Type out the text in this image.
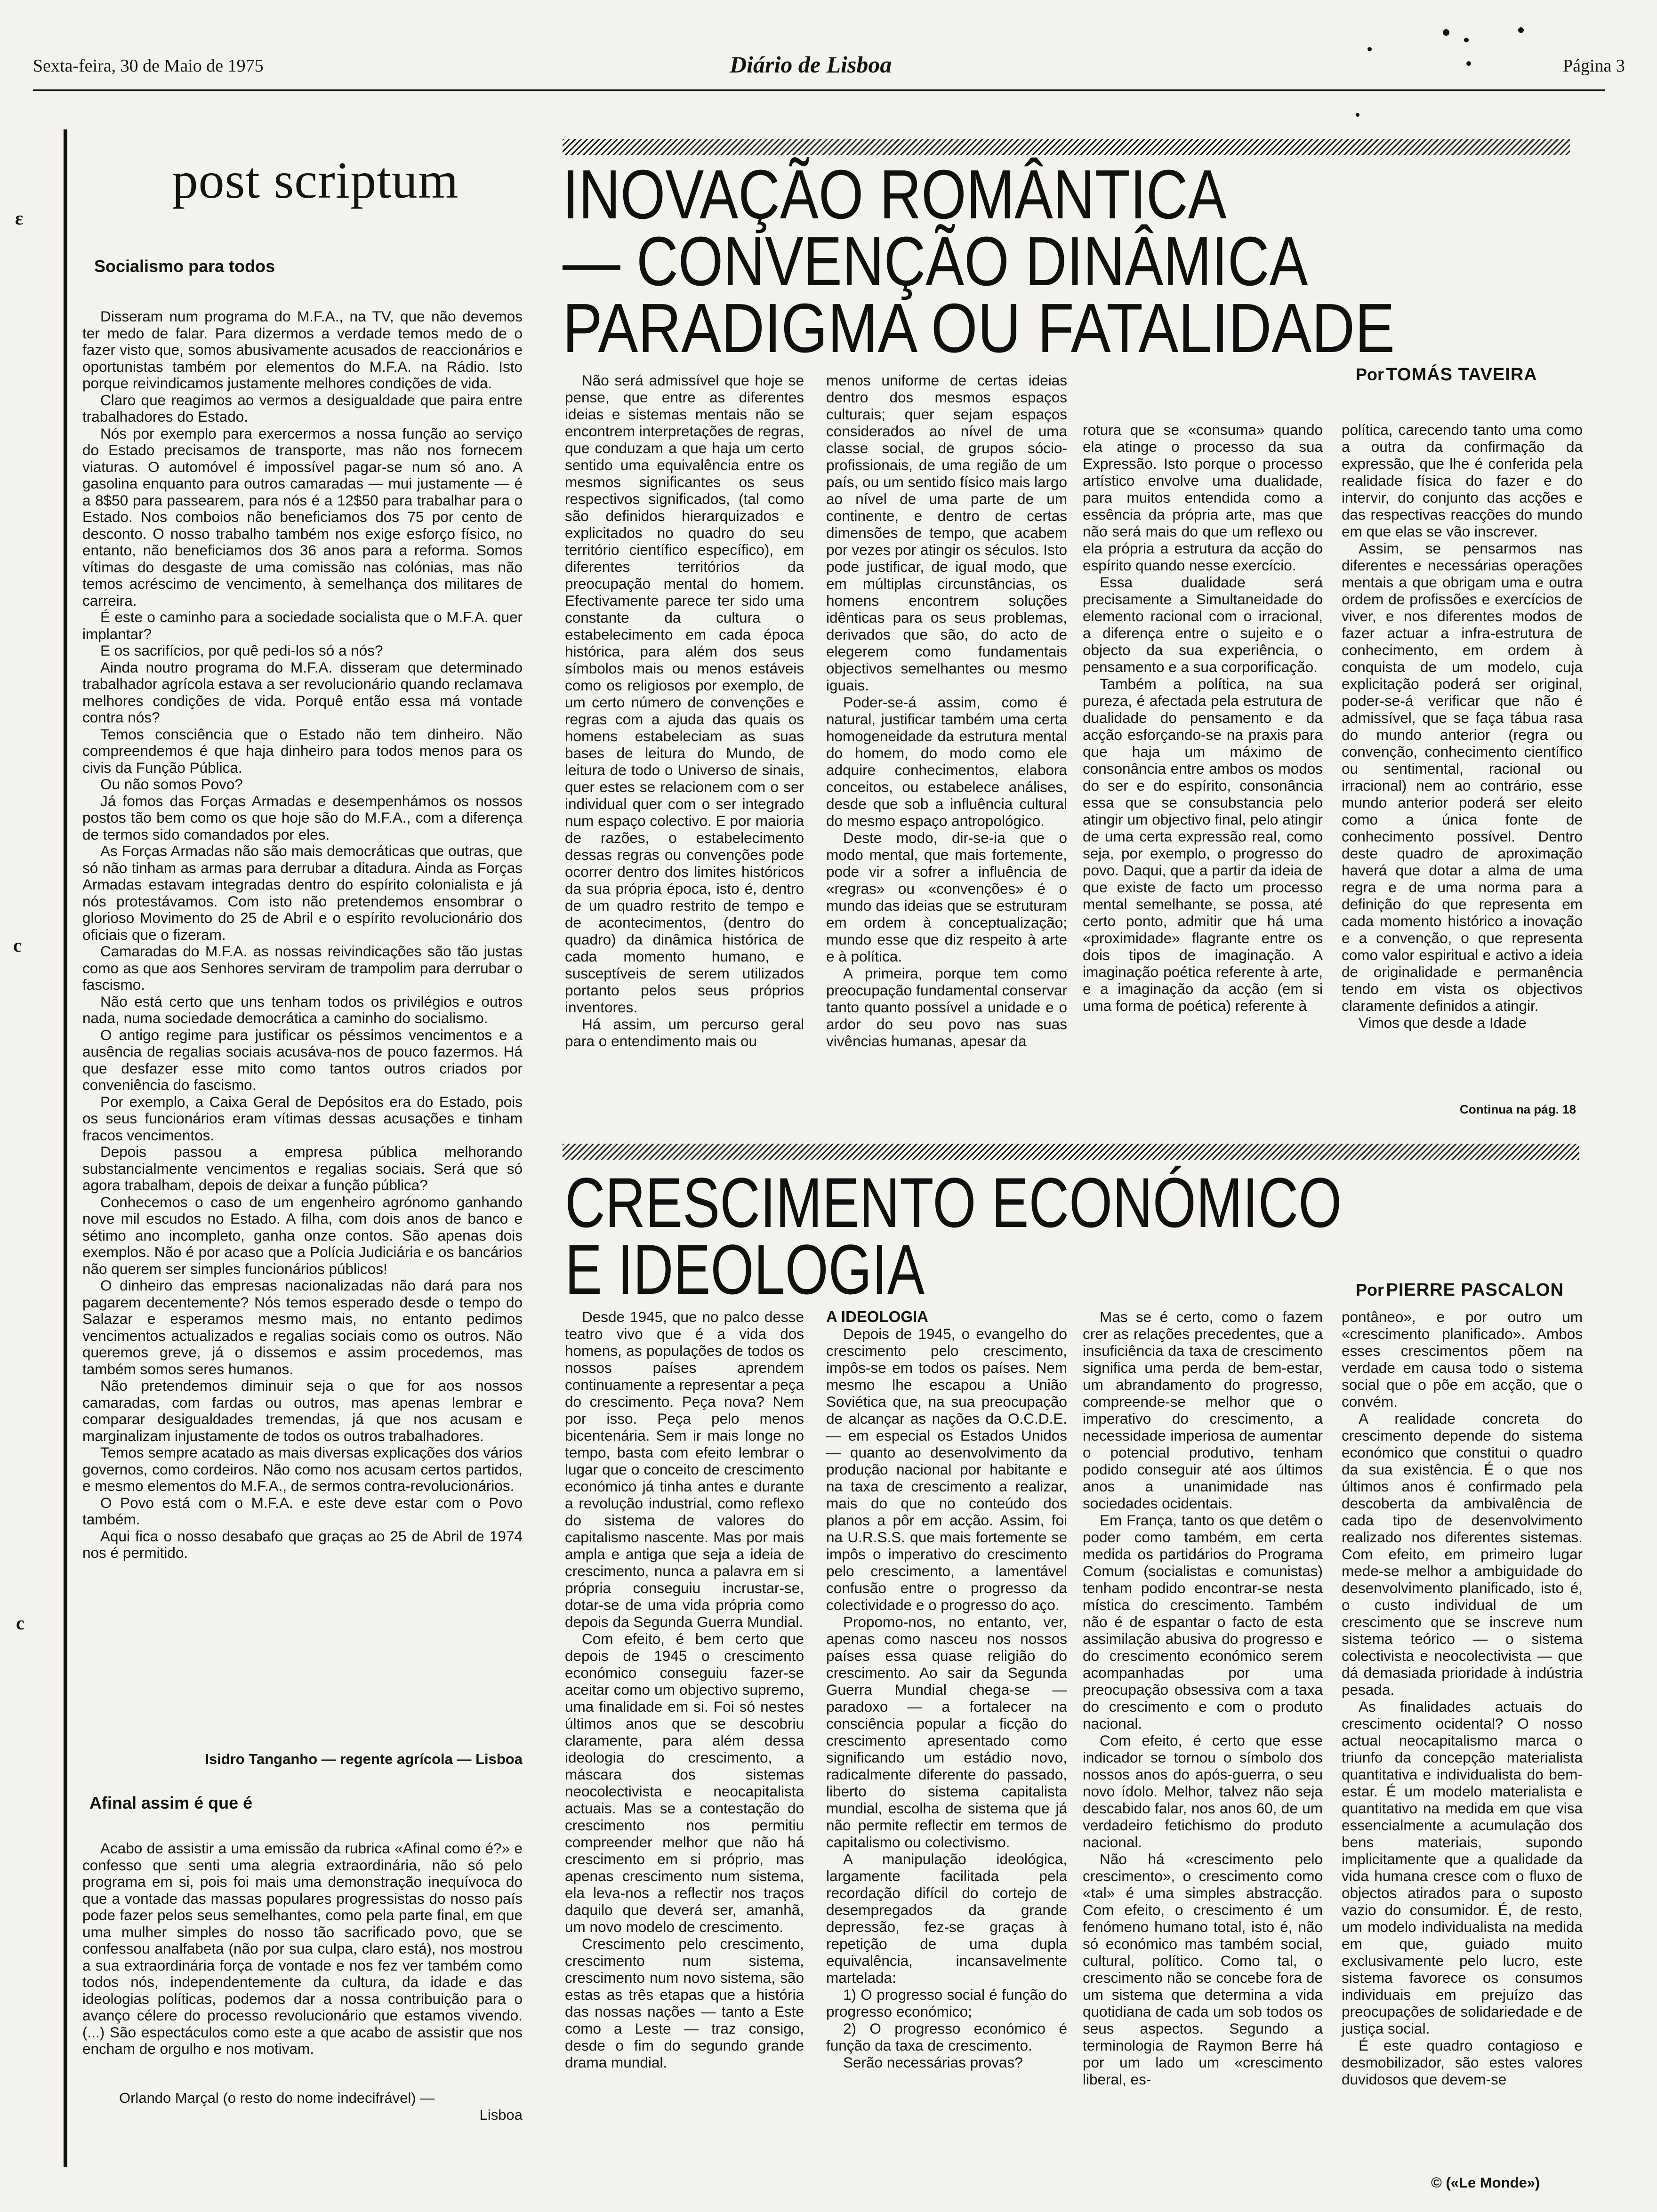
Sexta-feira, 30 de Maio de 1975	Diário de Lisboa	Página 3
ε
c
c
post scriptum
Socialismo para todos

Disseram num programa do M.F.A., na TV, que não devemos ter medo de falar. Para dizermos a verdade temos medo de o fazer visto que, somos abusivamente acusados de reaccionários e oportunistas também por elementos do M.F.A. na Rádio. Isto porque reivindicamos justamente melhores condições de vida.

Claro que reagimos ao vermos a desigualdade que paira entre trabalhadores do Estado.

Nós por exemplo para exercermos a nossa função ao serviço do Estado precisamos de transporte, mas não nos fornecem viaturas. O automóvel é impossível pagar-se num só ano. A gasolina enquanto para outros camaradas — mui justamente — é a 8$50 para passearem, para nós é a 12$50 para trabalhar para o Estado. Nos comboios não beneficiamos dos 75 por cento de desconto. O nosso trabalho também nos exige esforço físico, no entanto, não beneficiamos dos 36 anos para a reforma. Somos vítimas do desgaste de uma comissão nas colónias, mas não temos acréscimo de vencimento, à semelhança dos militares de carreira.

É este o caminho para a sociedade socialista que o M.F.A. quer implantar?

E os sacrifícios, por quê pedi-los só a nós?

Ainda noutro programa do M.F.A. disseram que determinado trabalhador agrícola estava a ser revolucionário quando reclamava melhores condições de vida. Porquê então essa má vontade contra nós?

Temos consciência que o Estado não tem dinheiro. Não compreendemos é que haja dinheiro para todos menos para os civis da Função Pública.

Ou não somos Povo?

Já fomos das Forças Armadas e desempenhámos os nossos postos tão bem como os que hoje são do M.F.A., com a diferença de termos sido comandados por eles.

As Forças Armadas não são mais democráticas que outras, que só não tinham as armas para derrubar a ditadura. Ainda as Forças Armadas estavam integradas dentro do espírito colonialista e já nós protestávamos. Com isto não pretendemos ensombrar o glorioso Movimento do 25 de Abril e o espírito revolucionário dos oficiais que o fizeram.

Camaradas do M.F.A. as nossas reivindicações são tão justas como as que aos Senhores serviram de trampolim para derrubar o fascismo.

Não está certo que uns tenham todos os privilégios e outros nada, numa sociedade democrática a caminho do socialismo.

O antigo regime para justificar os péssimos vencimentos e a ausência de regalias sociais acusáva-nos de pouco fazermos. Há que desfazer esse mito como tantos outros criados por conveniência do fascismo.

Por exemplo, a Caixa Geral de Depósitos era do Estado, pois os seus funcionários eram vítimas dessas acusações e tinham fracos vencimentos.

Depois passou a empresa pública melhorando substancialmente vencimentos e regalias sociais. Será que só agora trabalham, depois de deixar a função pública?

Conhecemos o caso de um engenheiro agrónomo ganhando nove mil escudos no Estado. A filha, com dois anos de banco e sétimo ano incompleto, ganha onze contos. São apenas dois exemplos. Não é por acaso que a Polícia Judiciária e os bancários não querem ser simples funcionários públicos!

O dinheiro das empresas nacionalizadas não dará para nos pagarem decentemente? Nós temos esperado desde o tempo do Salazar e esperamos mesmo mais, no entanto pedimos vencimentos actualizados e regalias sociais como os outros. Não queremos greve, já o dissemos e assim procedemos, mas também somos seres humanos.

Não pretendemos diminuir seja o que for aos nossos camaradas, com fardas ou outros, mas apenas lembrar e comparar desigualdades tremendas, já que nos acusam e marginalizam injustamente de todos os outros trabalhadores.

Temos sempre acatado as mais diversas explicações dos vários governos, como cordeiros. Não como nos acusam certos partidos, e mesmo elementos do M.F.A., de sermos contra-revolucionários.

O Povo está com o M.F.A. e este deve estar com o Povo também.

Aqui fica o nosso desabafo que graças ao 25 de Abril de 1974 nos é permitido.

Isidro Tanganho — regente agrícola — Lisboa
Afinal assim é que é

Acabo de assistir a uma emissão da rubrica «Afinal como é?» e confesso que senti uma alegria extraordinária, não só pelo programa em si, pois foi mais uma demonstração inequívoca do que a vontade das massas populares progressistas do nosso país pode fazer pelos seus semelhantes, como pela parte final, em que uma mulher simples do nosso tão sacrificado povo, que se confessou analfabeta (não por sua culpa, claro está), nos mostrou a sua extraordinária força de vontade e nos fez ver também como todos nós, independentemente da cultura, da idade e das ideologias políticas, podemos dar a nossa contribuição para o avanço célere do processo revolucionário que estamos vivendo. (...) São espectáculos como este a que acabo de assistir que nos encham de orgulho e nos motivam.

Orlando Marçal (o resto do nome indecifrável) —
Lisboa
INOVAÇÃO ROMÂNTICA
— CONVENÇÃO DINÂMICA
PARADIGMA OU FATALIDADE
Por TOMÁS TAVEIRA

Não será admissível que hoje se pense, que entre as diferentes ideias e sistemas mentais não se encontrem interpretações de regras, que conduzam a que haja um certo sentido uma equivalência entre os mesmos significantes os seus respectivos significados, (tal como são definidos hierarquizados e explicitados no quadro do seu território científico específico), em diferentes territórios da preocupação mental do homem. Efectivamente parece ter sido uma constante da cultura o estabelecimento em cada época histórica, para além dos seus símbolos mais ou menos estáveis como os religiosos por exemplo, de um certo número de convenções e regras com a ajuda das quais os homens estabeleciam as suas bases de leitura do Mundo, de leitura de todo o Universo de sinais, quer estes se relacionem com o ser individual quer com o ser integrado num espaço colectivo. E por maioria de razões, o estabelecimento dessas regras ou convenções pode ocorrer dentro dos limites históricos da sua própria época, isto é, dentro de um quadro restrito de tempo e de acontecimentos, (dentro do quadro) da dinâmica histórica de cada momento humano, e susceptíveis de serem utilizados portanto pelos seus próprios inventores.

Há assim, um percurso geral para o entendimento mais ou

menos uniforme de certas ideias dentro dos mesmos espaços culturais; quer sejam espaços considerados ao nível de uma classe social, de grupos sócio-profissionais, de uma região de um país, ou um sentido físico mais largo ao nível de uma parte de um continente, e dentro de certas dimensões de tempo, que acabem por vezes por atingir os séculos. Isto pode justificar, de igual modo, que em múltiplas circunstâncias, os homens encontrem soluções idênticas para os seus problemas, derivados que são, do acto de elegerem como fundamentais objectivos semelhantes ou mesmo iguais.

Poder-se-á assim, como é natural, justificar também uma certa homogeneidade da estrutura mental do homem, do modo como ele adquire conhecimentos, elabora conceitos, ou estabelece análises, desde que sob a influência cultural do mesmo espaço antropológico.

Deste modo, dir-se-ia que o modo mental, que mais fortemente, pode vir a sofrer a influência de «regras» ou «convenções» é o mundo das ideias que se estruturam em ordem à conceptualização; mundo esse que diz respeito à arte e à política.

A primeira, porque tem como preocupação fundamental conservar tanto quanto possível a unidade e o ardor do seu povo nas suas vivências humanas, apesar da

rotura que se «consuma» quando ela atinge o processo da sua Expressão. Isto porque o processo artístico envolve uma dualidade, para muitos entendida como a essência da própria arte, mas que não será mais do que um reflexo ou ela própria a estrutura da acção do espírito quando nesse exercício.

Essa dualidade será precisamente a Simultaneidade do elemento racional com o irracional, a diferença entre o sujeito e o objecto da sua experiência, o pensamento e a sua corporificação.

Também a política, na sua pureza, é afectada pela estrutura de dualidade do pensamento e da acção esforçando-se na praxis para que haja um máximo de consonância entre ambos os modos do ser e do espírito, consonância essa que se consubstancia pelo atingir um objectivo final, pelo atingir de uma certa expressão real, como seja, por exemplo, o progresso do povo. Daqui, que a partir da ideia de que existe de facto um processo mental semelhante, se possa, até certo ponto, admitir que há uma «proximidade» flagrante entre os dois tipos de imaginação. A imaginação poética referente à arte, e a imaginação da acção (em si uma forma de poética) referente à

política, carecendo tanto uma como a outra da confirmação da expressão, que lhe é conferida pela realidade física do fazer e do intervir, do conjunto das acções e das respectivas reacções do mundo em que elas se vão inscrever.

Assim, se pensarmos nas diferentes e necessárias operações mentais a que obrigam uma e outra ordem de profissões e exercícios de viver, e nos diferentes modos de fazer actuar a infra-estrutura de conhecimento, em ordem à conquista de um modelo, cuja explicitação poderá ser original, poder-se-á verificar que não é admissível, que se faça tábua rasa do mundo anterior (regra ou convenção, conhecimento científico ou sentimental, racional ou irracional) nem ao contrário, esse mundo anterior poderá ser eleito como a única fonte de conhecimento possível. Dentro deste quadro de aproximação haverá que dotar a alma de uma regra e de uma norma para a definição do que representa em cada momento histórico a inovação e a convenção, o que representa como valor espiritual e activo a ideia de originalidade e permanência tendo em vista os objectivos claramente definidos a atingir.

Vimos que desde a Idade

Continua na pág. 18
CRESCIMENTO ECONÓMICO
E IDEOLOGIA	Por PIERRE PASCALON

Desde 1945, que no palco desse teatro vivo que é a vida dos homens, as populações de todos os nossos países aprendem continuamente a representar a peça do crescimento. Peça nova? Nem por isso. Peça pelo menos bicentenária. Sem ir mais longe no tempo, basta com efeito lembrar o lugar que o conceito de crescimento económico já tinha antes e durante a revolução industrial, como reflexo do sistema de valores do capitalismo nascente. Mas por mais ampla e antiga que seja a ideia de crescimento, nunca a palavra em si própria conseguiu incrustar-se, dotar-se de uma vida própria como depois da Segunda Guerra Mundial.

Com efeito, é bem certo que depois de 1945 o crescimento económico conseguiu fazer-se aceitar como um objectivo supremo, uma finalidade em si. Foi só nestes últimos anos que se descobriu claramente, para além dessa ideologia do crescimento, a máscara dos sistemas neocolectivista e neocapitalista actuais. Mas se a contestação do crescimento nos permitiu compreender melhor que não há crescimento em si próprio, mas apenas crescimento num sistema, ela leva-nos a reflectir nos traços daquilo que deverá ser, amanhã, um novo modelo de crescimento.

Crescimento pelo crescimento, crescimento num sistema, crescimento num novo sistema, são estas as três etapas que a história das nossas nações — tanto a Este como a Leste — traz consigo, desde o fim do segundo grande drama mundial.

A IDEOLOGIA

Depois de 1945, o evangelho do crescimento pelo crescimento, impôs-se em todos os países. Nem mesmo lhe escapou a União Soviética que, na sua preocupação de alcançar as nações da O.C.D.E. — em especial os Estados Unidos — quanto ao desenvolvimento da produção nacional por habitante e na taxa de crescimento a realizar, mais do que no conteúdo dos planos a pôr em acção. Assim, foi na U.R.S.S. que mais fortemente se impôs o imperativo do crescimento pelo crescimento, a lamentável confusão entre o progresso da colectividade e o progresso do aço.

Propomo-nos, no entanto, ver, apenas como nasceu nos nossos países essa quase religião do crescimento. Ao sair da Segunda Guerra Mundial chega-se — paradoxo — a fortalecer na consciência popular a ficção do crescimento apresentado como significando um estádio novo, radicalmente diferente do passado, liberto do sistema capitalista mundial, escolha de sistema que já não permite reflectir em termos de capitalismo ou colectivismo.

A manipulação ideológica, largamente facilitada pela recordação difícil do cortejo de desempregados da grande depressão, fez-se graças à repetição de uma dupla equivalência, incansavelmente martelada:

1) O progresso social é função do progresso económico;

2) O progresso económico é função da taxa de crescimento.

Serão necessárias provas?

Mas se é certo, como o fazem crer as relações precedentes, que a insuficiência da taxa de crescimento significa uma perda de bem-estar, um abrandamento do progresso, compreende-se melhor que o imperativo do crescimento, a necessidade imperiosa de aumentar o potencial produtivo, tenham podido conseguir até aos últimos anos a unanimidade nas sociedades ocidentais.

Em França, tanto os que detêm o poder como também, em certa medida os partidários do Programa Comum (socialistas e comunistas) tenham podido encontrar-se nesta mística do crescimento. Também não é de espantar o facto de esta assimilação abusiva do progresso e do crescimento económico serem acompanhadas por uma preocupação obsessiva com a taxa do crescimento e com o produto nacional.

Com efeito, é certo que esse indicador se tornou o símbolo dos nossos anos do após-guerra, o seu novo ídolo. Melhor, talvez não seja descabido falar, nos anos 60, de um verdadeiro fetichismo do produto nacional.

Não há «crescimento pelo crescimento», o crescimento como «tal» é uma simples abstracção. Com efeito, o crescimento é um fenómeno humano total, isto é, não só económico mas também social, cultural, político. Como tal, o crescimento não se concebe fora de um sistema que determina a vida quotidiana de cada um sob todos os seus aspectos. Segundo a terminologia de Raymon Berre há por um lado um «crescimento liberal, es-

pontâneo», e por outro um «crescimento planificado». Ambos esses crescimentos põem na verdade em causa todo o sistema social que o põe em acção, que o convém.

A realidade concreta do crescimento depende do sistema económico que constitui o quadro da sua existência. É o que nos últimos anos é confirmado pela descoberta da ambivalência de cada tipo de desenvolvimento realizado nos diferentes sistemas. Com efeito, em primeiro lugar mede-se melhor a ambiguidade do desenvolvimento planificado, isto é, o custo individual de um crescimento que se inscreve num sistema teórico — o sistema colectivista e neocolectivista — que dá demasiada prioridade à indústria pesada.

As finalidades actuais do crescimento ocidental? O nosso actual neocapitalismo marca o triunfo da concepção materialista quantitativa e individualista do bem-estar. É um modelo materialista e quantitativo na medida em que visa essencialmente a acumulação dos bens materiais, supondo implicitamente que a qualidade da vida humana cresce com o fluxo de objectos atirados para o suposto vazio do consumidor. É, de resto, um modelo individualista na medida em que, guiado muito exclusivamente pelo lucro, este sistema favorece os consumos individuais em prejuízo das preocupações de solidariedade e de justiça social.

É este quadro contagioso e desmobilizador, são estes valores duvidosos que devem-se

© («Le Monde»)
